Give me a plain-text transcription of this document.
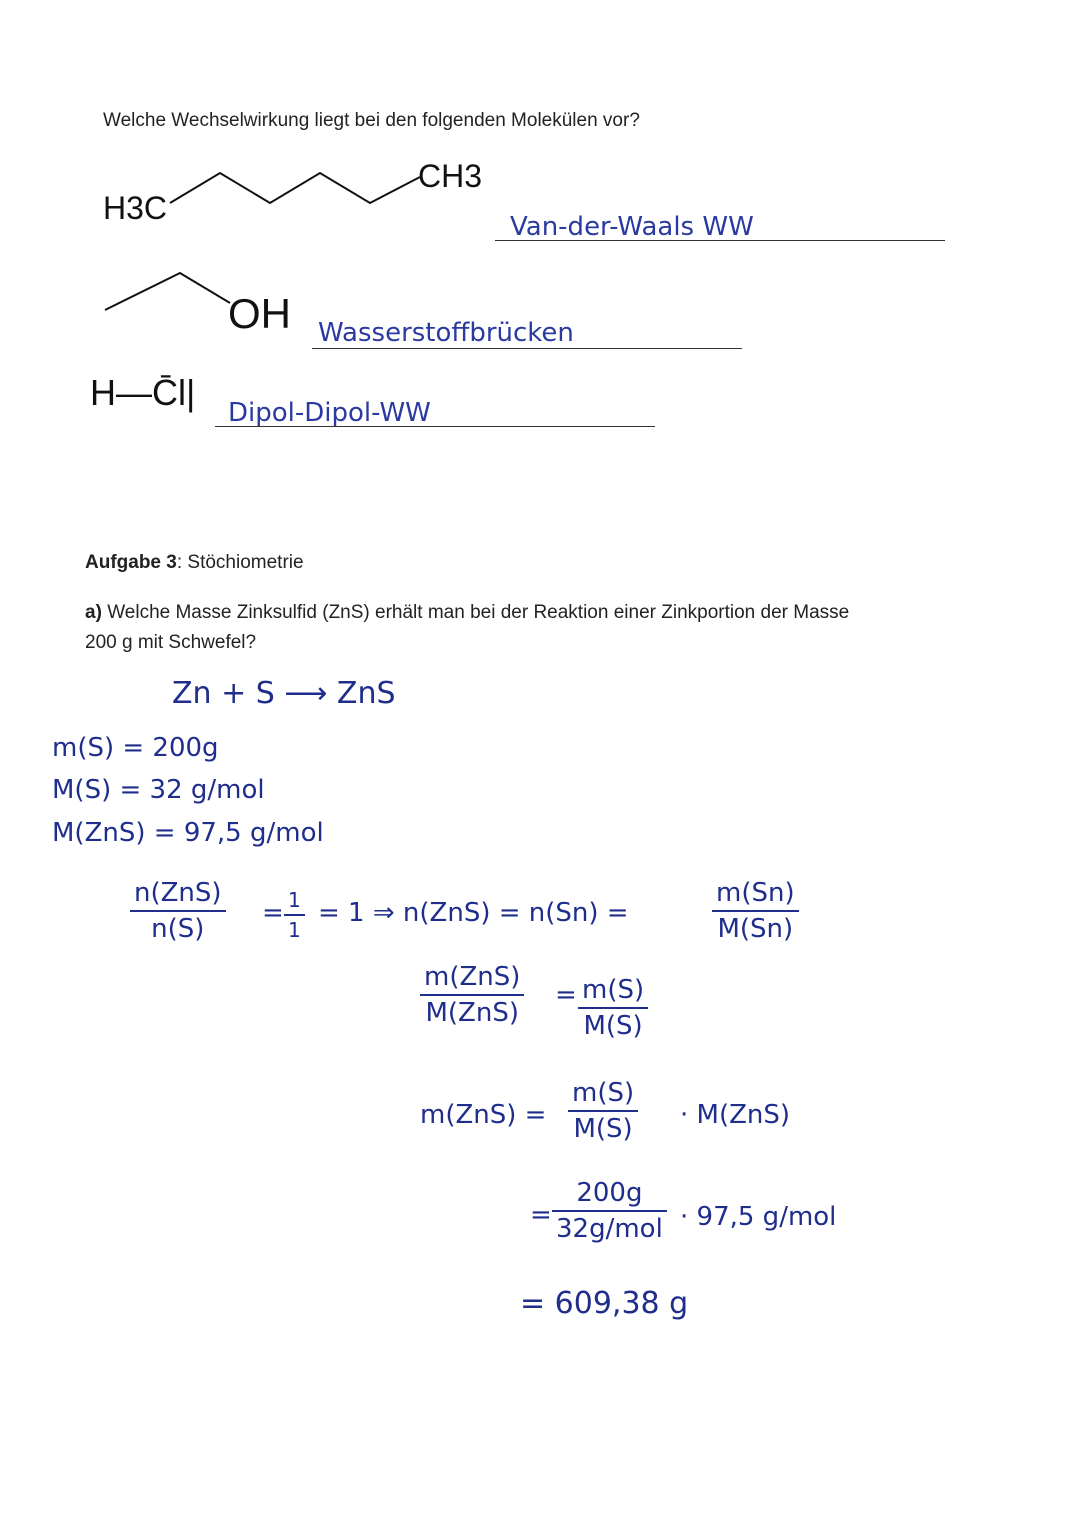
Welche Wechselwirkung liegt bei den folgenden Molekülen vor?
H3C
CH3
Van-der-Waals WW
OH Wasserstoffbrücken
H—C̄l| Dipol-Dipol-WW
Aufgabe 3: Stöchiometrie
a) Welche Masse Zinksulfid (ZnS) erhält man bei der Reaktion einer Zinkportion der Masse
200 g mit Schwefel?
Zn + S ⟶ ZnS
m(S) = 200g
M(S) = 32 g/mol
M(ZnS) = 97,5 g/mol
n(ZnS)
n(S)
= 1
1
= 1 ⇒ n(ZnS) = n(Sn) =
m(Sn)
M(Sn)
m(ZnS)
M(ZnS)
= m(S)
M(S)
m(ZnS) =
m(S)
M(S) · M(ZnS)
=
200g
32g/mol · 97,5 g/mol
= 609,38 g
